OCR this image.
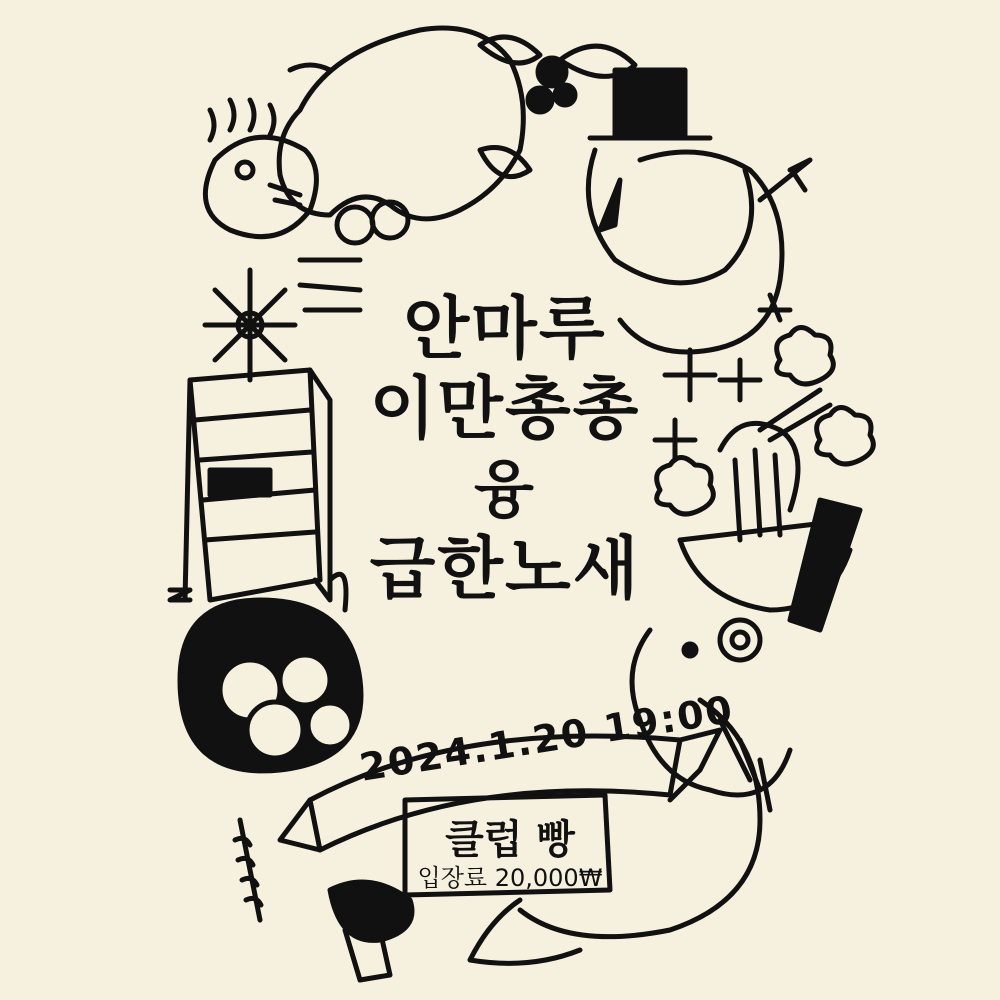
안마루
이만총총
융
급한노새
2024.1.20 19:00
클럽 빵
입장료 20,000₩
